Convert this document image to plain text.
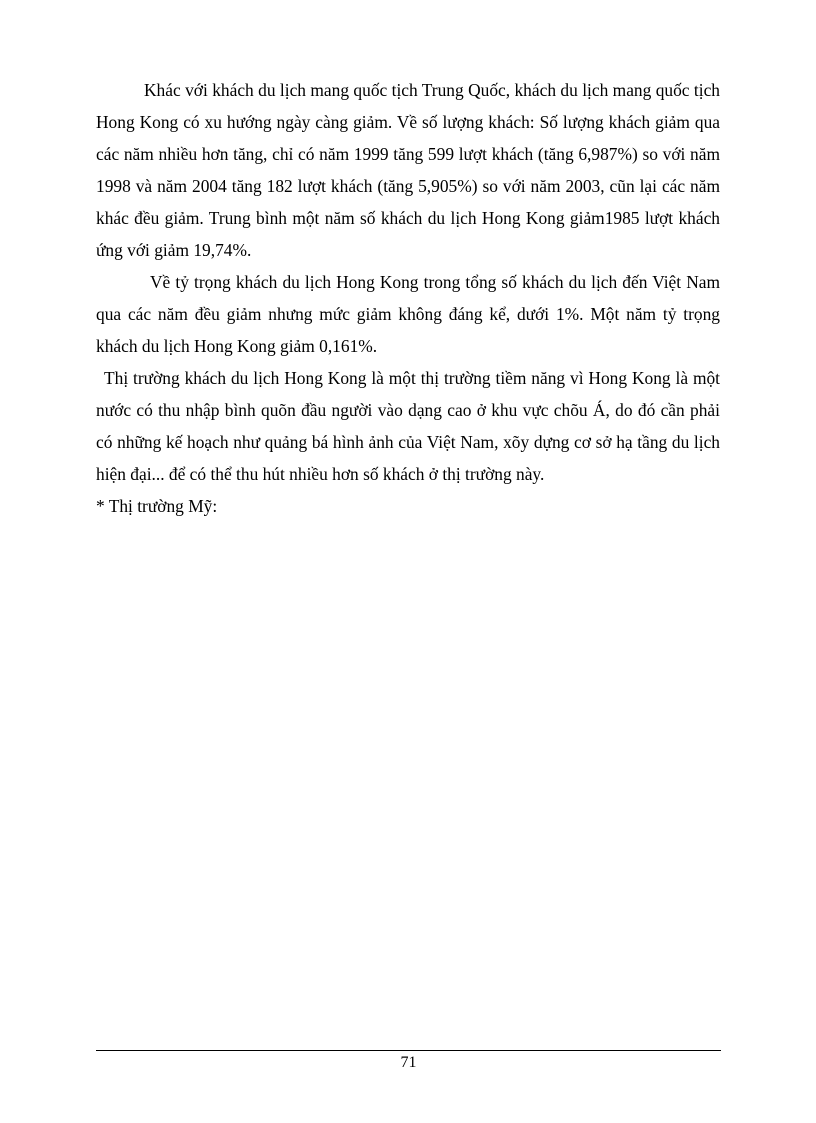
Khác với khách du lịch mang quốc tịch Trung Quốc, khách du lịch mang quốc tịch Hong Kong có xu hướng ngày càng giảm. Về số lượng khách: Số lượng khách giảm qua các năm nhiều hơn tăng, chỉ có năm 1999 tăng 599 lượt khách (tăng 6,987%) so với năm 1998 và năm 2004 tăng 182 lượt khách (tăng 5,905%) so với năm 2003, cũn lại các năm khác đều giảm. Trung bình một năm số khách du lịch Hong Kong giảm1985 lượt khách ứng với giảm 19,74%.

Về tỷ trọng khách du lịch Hong Kong trong tổng số khách du lịch đến Việt Nam qua các năm đều giảm nhưng mức giảm không đáng kể, dưới 1%. Một năm tỷ trọng khách du lịch Hong Kong giảm 0,161%.

Thị trường khách du lịch Hong Kong là một thị trường tiềm năng vì Hong Kong là một nước có thu nhập bình quõn đầu người vào dạng cao ở khu vực chõu Á, do đó cần phải có những kế hoạch như quảng bá hình ảnh của Việt Nam, xõy dựng cơ sở hạ tầng du lịch hiện đại... để có thể thu hút nhiều hơn số khách ở thị trường này.

* Thị trường Mỹ:

71
